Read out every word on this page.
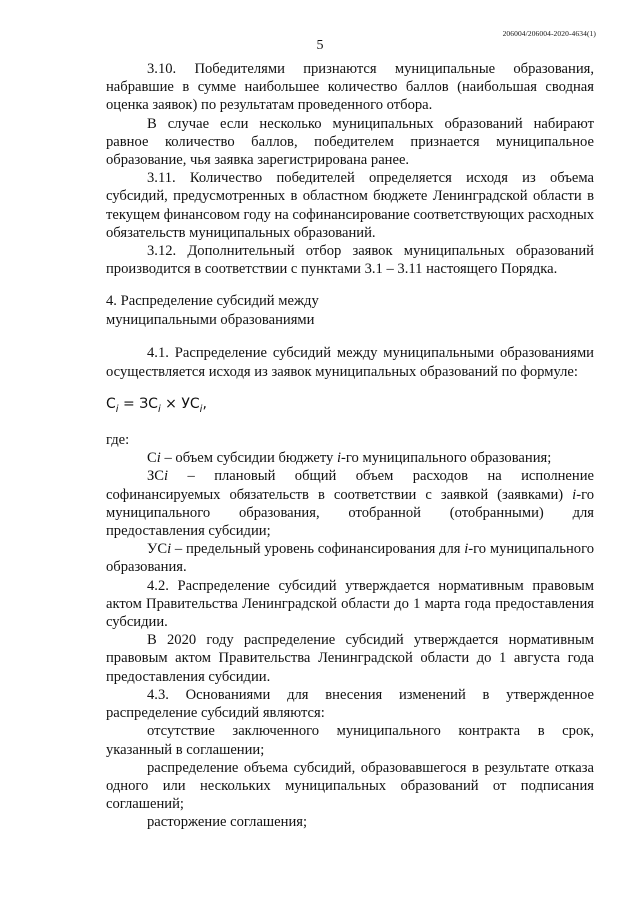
206004/206004-2020-4634(1)
5

3.10. Победителями признаются муниципальные образования, набравшие в сумме наибольшее количество баллов (наибольшая сводная оценка заявок) по результатам проведенного отбора.

В случае если несколько муниципальных образований набирают равное количество баллов, победителем признается муниципальное образование, чья заявка зарегистрирована ранее.

3.11. Количество победителей определяется исходя из объема субсидий, предусмотренных в областном бюджете Ленинградской области в текущем финансовом году на софинансирование соответствующих расходных обязательств муниципальных образований.

3.12. Дополнительный отбор заявок муниципальных образований производится в соответствии с пунктами 3.1 – 3.11 настоящего Порядка.

4. Распределение субсидий между
муниципальными образованиями

4.1. Распределение субсидий между муниципальными образованиями осуществляется исходя из заявок муниципальных образований по формуле:

$С_i = ЗС_i \times УС_i$,

где:

Сi – объем субсидии бюджету i-го муниципального образования;

ЗСi – плановый общий объем расходов на исполнение софинансируемых обязательств в соответствии с заявкой (заявками) i-го муниципального образования, отобранной (отобранными) для предоставления субсидии;

УСi – предельный уровень софинансирования для i-го муниципального образования.

4.2. Распределение субсидий утверждается нормативным правовым актом Правительства Ленинградской области до 1 марта года предоставления субсидии.

В 2020 году распределение субсидий утверждается нормативным правовым актом Правительства Ленинградской области до 1 августа года предоставления субсидии.

4.3. Основаниями для внесения изменений в утвержденное распределение субсидий являются:

отсутствие заключенного муниципального контракта в срок, указанный в соглашении;

распределение объема субсидий, образовавшегося в результате отказа одного или нескольких муниципальных образований от подписания соглашений;

расторжение соглашения;
